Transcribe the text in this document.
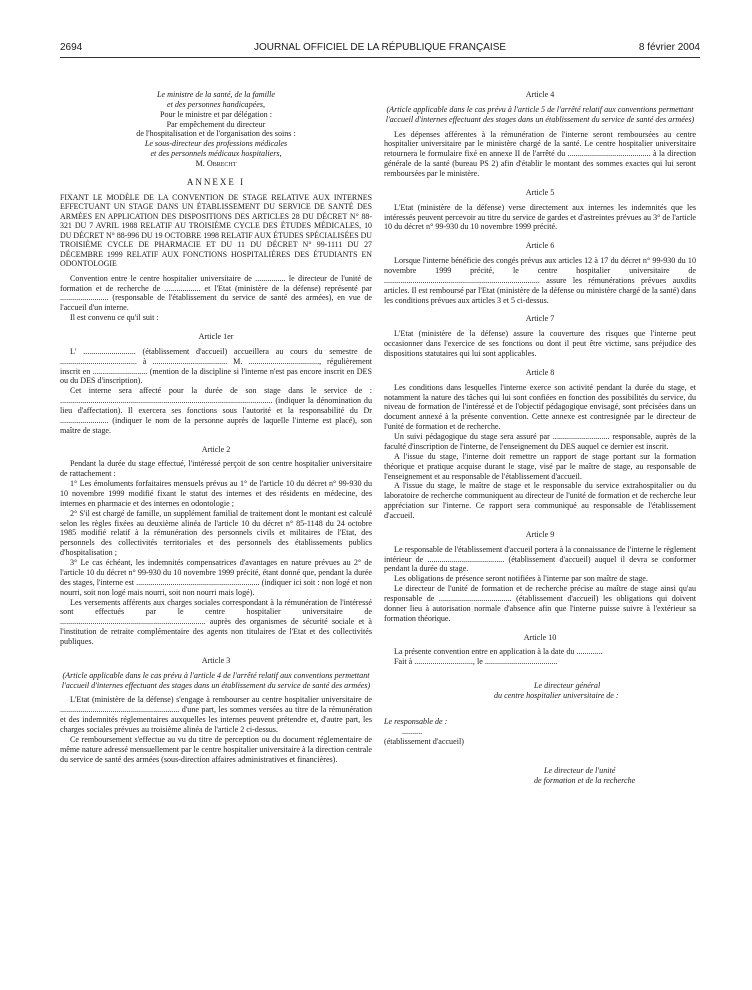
2694	JOURNAL OFFICIEL DE LA RÉPUBLIQUE FRANÇAISE	8 février 2004

Le ministre de la santé, de la famille

et des personnes handicapées,

Pour le ministre et par délégation :

Par empêchement du directeur

de l'hospitalisation et de l'organisation des soins :

Le sous-directeur des professions médicales

et des personnels médicaux hospitaliers,

M. Obrecht

ANNEXE I

FIXANT LE MODÈLE DE LA CONVENTION DE STAGE RELATIVE AUX INTERNES EFFECTUANT UN STAGE DANS UN ÉTABLISSEMENT DU SERVICE DE SANTÉ DES ARMÉES EN APPLICATION DES DISPOSITIONS DES ARTICLES 28 DU DÉCRET N° 88-321 DU 7 AVRIL 1988 RELATIF AU TROISIÈME CYCLE DES ÉTUDES MÉDICALES, 10 DU DÉCRET N° 88-996 DU 19 OCTOBRE 1998 RELATIF AUX ÉTUDES SPÉCIALISÉES DU TROISIÈME CYCLE DE PHARMACIE ET DU 11 DU DÉCRET N° 99-1111 DU 27 DÉCEMBRE 1999 RELATIF AUX FONCTIONS HOSPITALIÈRES DES ÉTUDIANTS EN ODONTOLOGIE

Convention entre le centre hospitalier universitaire de ............... le directeur de l'unité de formation et de recherche de .................. et l'Etat (ministère de la défense) représenté par ........................ (responsable de l'établissement du service de santé des armées), en vue de l'accueil d'un interne.

Il est convenu ce qu'il suit :

Article 1er

L' .......................... (établissement d'accueil) accueillera au cours du semestre de ...................................... à ..................................... M. ..................................., régulièrement inscrit en ........................... (mention de la discipline si l'interne n'est pas encore inscrit en DES ou du DES d'inscription).

Cet interne sera affecté pour la durée de son stage dans le service de : ......................................................................................................... (indiquer la dénomination du lieu d'affectation). Il exercera ses fonctions sous l'autorité et la responsabilité du Dr ........................ (indiquer le nom de la personne auprès de laquelle l'interne est placé), son maître de stage.

Article 2

Pendant la durée du stage effectué, l'intéressé perçoit de son centre hospitalier universitaire de rattachement :

1° Les émoluments forfaitaires mensuels prévus au 1° de l'article 10 du décret n° 99-930 du 10 novembre 1999 modifié fixant le statut des internes et des résidents en médecine, des internes en pharmacie et des internes en odontologie ;

2° S'il est chargé de famille, un supplément familial de traitement dont le montant est calculé selon les règles fixées au deuxième alinéa de l'article 10 du décret n° 85-1148 du 24 octobre 1985 modifié relatif à la rémunération des personnels civils et militaires de l'Etat, des personnels des collectivités territoriales et des personnels des établissements publics d'hospitalisation ;

3° Le cas échéant, les indemnités compensatrices d'avantages en nature prévues au 2° de l'article 10 du décret n° 99-930 du 10 novembre 1999 précité, étant donné que, pendant la durée des stages, l'interne est ............................................................. (indiquer ici soit : non logé et non nourri, soit non logé mais nourri, soit non nourri mais logé).

Les versements afférents aux charges sociales correspondant à la rémunération de l'intéressé sont effectués par le centre hospitalier universitaire de ........................................................................ auprès des organismes de sécurité sociale et à l'institution de retraite complémentaire des agents non titulaires de l'Etat et des collectivités publiques.

Article 3

(Article applicable dans le cas prévu à l'article 4 de l'arrêté relatif aux conventions permettant l'accueil d'internes effectuant des stages dans un établissement du service de santé des armées)

L'Etat (ministère de la défense) s'engage à rembourser au centre hospitalier universitaire de ........................................................... d'une part, les sommes versées au titre de la rémunération et des indemnités réglementaires auxquelles les internes peuvent prétendre et, d'autre part, les charges sociales prévues au troisième alinéa de l'article 2 ci-dessus.

Ce remboursement s'effectue au vu du titre de perception ou du document réglementaire de même nature adressé mensuellement par le centre hospitalier universitaire à la direction centrale du service de santé des armées (sous-direction affaires administratives et financières).

Article 4

(Article applicable dans le cas prévu à l'article 5 de l'arrêté relatif aux conventions permettant l'accueil d'internes effectuant des stages dans un établissement du service de santé des armées)

Les dépenses afférentes à la rémunération de l'interne seront remboursées au centre hospitalier universitaire par le ministère chargé de la santé. Le centre hospitalier universitaire retournera le formulaire fixé en annexe II de l'arrêté du ......................................... à la direction générale de la santé (bureau PS 2) afin d'établir le montant des sommes exactes qui lui seront remboursées par le ministère.

Article 5

L'Etat (ministère de la défense) verse directement aux internes les indemnités que les intéressés peuvent percevoir au titre du service de gardes et d'astreintes prévues au 3° de l'article 10 du décret n° 99-930 du 10 novembre 1999 précité.

Article 6

Lorsque l'interne bénéficie des congés prévus aux articles 12 à 17 du décret n° 99-930 du 10 novembre 1999 précité, le centre hospitalier universitaire de ............................................................................. assure les rémunérations prévues auxdits articles. Il est remboursé par l'Etat (ministère de la défense ou ministère chargé de la santé) dans les conditions prévues aux articles 3 et 5 ci-dessus.

Article 7

L'Etat (ministère de la défense) assure la couverture des risques que l'interne peut occasionner dans l'exercice de ses fonctions ou dont il peut être victime, sans préjudice des dispositions statutaires qui lui sont applicables.

Article 8

Les conditions dans lesquelles l'interne exerce son activité pendant la durée du stage, et notamment la nature des tâches qui lui sont confiées en fonction des possibilités du service, du niveau de formation de l'intéressé et de l'objectif pédagogique envisagé, sont précisées dans un document annexé à la présente convention. Cette annexe est contresignée par le directeur de l'unité de formation et de recherche.

Un suivi pédagogique du stage sera assuré par ............................ responsable, auprès de la faculté d'inscription de l'interne, de l'enseignement du DES auquel ce dernier est inscrit.

A l'issue du stage, l'interne doit remettre un rapport de stage portant sur la formation théorique et pratique acquise durant le stage, visé par le maître de stage, au responsable de l'enseignement et au responsable de l'établissement d'accueil.

A l'issue du stage, le maître de stage et le responsable du service extrahospitalier ou du laboratoire de recherche communiquent au directeur de l'unité de formation et de recherche leur appréciation sur l'interne. Ce rapport sera communiqué au responsable de l'établissement d'accueil.

Article 9

Le responsable de l'établissement d'accueil portera à la connaissance de l'interne le règlement intérieur de ...................................... (établissement d'accueil) auquel il devra se conformer pendant la durée du stage.

Les obligations de présence seront notifiées à l'interne par son maître de stage.

Le directeur de l'unité de formation et de recherche précise au maître de stage ainsi qu'au responsable de .................................... (établissement d'accueil) les obligations qui doivent donner lieu à autorisation normale d'absence afin que l'interne puisse suivre à l'extérieur sa formation théorique.

Article 10

La présente convention entre en application à la date du .............

Fait à ............................., le ....................................

Le directeur général

du centre hospitalier universitaire de :

Le responsable de :

..........

(établissement d'accueil)

Le directeur de l'unité

de formation et de la recherche
